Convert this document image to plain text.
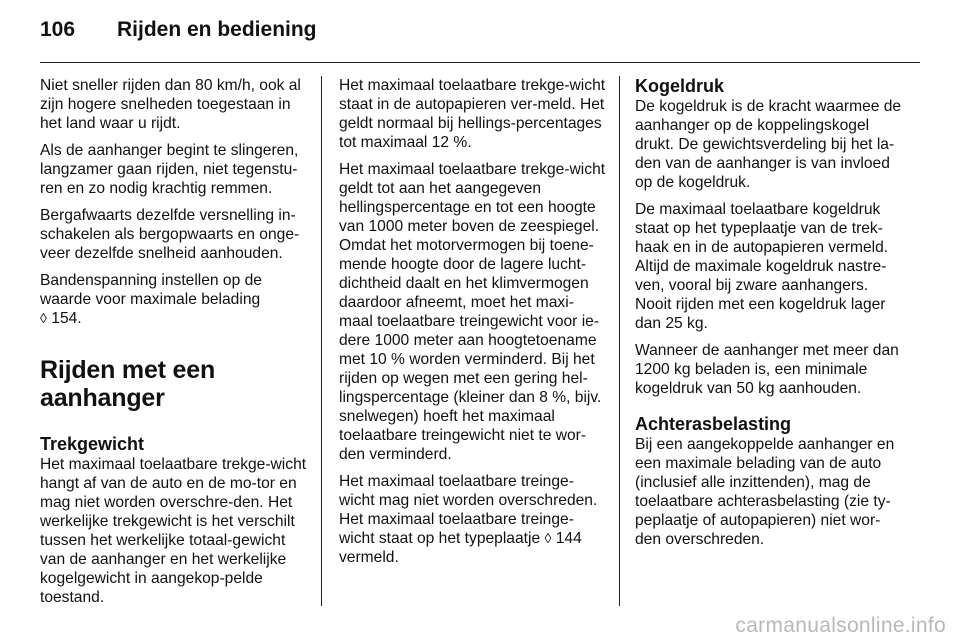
106 Rijden en bediening

Niet sneller rijden dan 80 km/h, ook al zijn hogere snelheden toegestaan in het land waar u rijdt.

Als de aanhanger begint te slingeren, langzamer gaan rijden, niet tegenstu-ren en zo nodig krachtig remmen.

Bergafwaarts dezelfde versnelling in-schakelen als bergopwaarts en onge-veer dezelfde snelheid aanhouden.

Bandenspanning instellen op de waarde voor maximale belading
◊ 154.

Rijden met een aanhanger
Trekgewicht

Het maximaal toelaatbare trekge-wicht hangt af van de auto en de mo-tor en mag niet worden overschre-den. Het werkelijke trekgewicht is het verschilt tussen het werkelijke totaal-gewicht van de aanhanger en het werkelijke kogelgewicht in aangekop-pelde toestand.

Het maximaal toelaatbare trekge-wicht staat in de autopapieren ver-meld. Het geldt normaal bij hellings-percentages tot maximaal 12 %.

Het maximaal toelaatbare trekge-wicht geldt tot aan het aangegeven hellingspercentage en tot een hoogte van 1000 meter boven de zeespiegel. Omdat het motorvermogen bij toene-mende hoogte door de lagere lucht-dichtheid daalt en het klimvermogen daardoor afneemt, moet het maxi-maal toelaatbare treingewicht voor ie-dere 1000 meter aan hoogtetoename met 10 % worden verminderd. Bij het rijden op wegen met een gering hel-lingspercentage (kleiner dan 8 %, bijv. snelwegen) hoeft het maximaal toelaatbare treingewicht niet te wor-den verminderd.

Het maximaal toelaatbare treinge-wicht mag niet worden overschreden. Het maximaal toelaatbare treinge-wicht staat op het typeplaatje ◊ 144 vermeld.

Kogeldruk

De kogeldruk is de kracht waarmee de aanhanger op de koppelingskogel drukt. De gewichtsverdeling bij het la-den van de aanhanger is van invloed op de kogeldruk.

De maximaal toelaatbare kogeldruk staat op het typeplaatje van de trek-haak en in de autopapieren vermeld. Altijd de maximale kogeldruk nastre-ven, vooral bij zware aanhangers. Nooit rijden met een kogeldruk lager dan 25 kg.

Wanneer de aanhanger met meer dan 1200 kg beladen is, een minimale kogeldruk van 50 kg aanhouden.

Achterasbelasting

Bij een aangekoppelde aanhanger en een maximale belading van de auto (inclusief alle inzittenden), mag de toelaatbare achterasbelasting (zie ty-peplaatje of autopapieren) niet wor-den overschreden.

carmanualsonline.info
